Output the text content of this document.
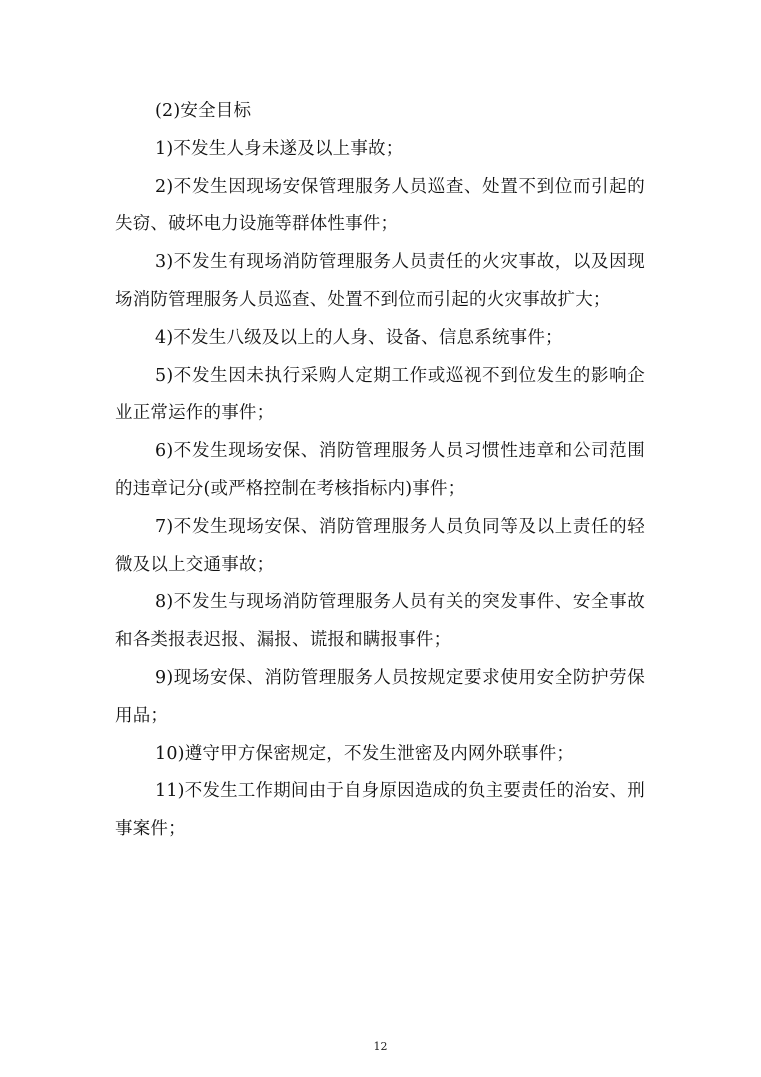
(2)安全目标

1)不发生人身未遂及以上事故；

2)不发生因现场安保管理服务人员巡查、处置不到位而引起的失窃、破坏电力设施等群体性事件；

3)不发生有现场消防管理服务人员责任的火灾事故，以及因现场消防管理服务人员巡查、处置不到位而引起的火灾事故扩大；

4)不发生八级及以上的人身、设备、信息系统事件；

5)不发生因未执行采购人定期工作或巡视不到位发生的影响企业正常运作的事件；

6)不发生现场安保、消防管理服务人员习惯性违章和公司范围的违章记分(或严格控制在考核指标内)事件；

7)不发生现场安保、消防管理服务人员负同等及以上责任的轻微及以上交通事故；

8)不发生与现场消防管理服务人员有关的突发事件、安全事故和各类报表迟报、漏报、谎报和瞒报事件；

9)现场安保、消防管理服务人员按规定要求使用安全防护劳保用品；

10)遵守甲方保密规定，不发生泄密及内网外联事件；

11)不发生工作期间由于自身原因造成的负主要责任的治安、刑事案件；

12
